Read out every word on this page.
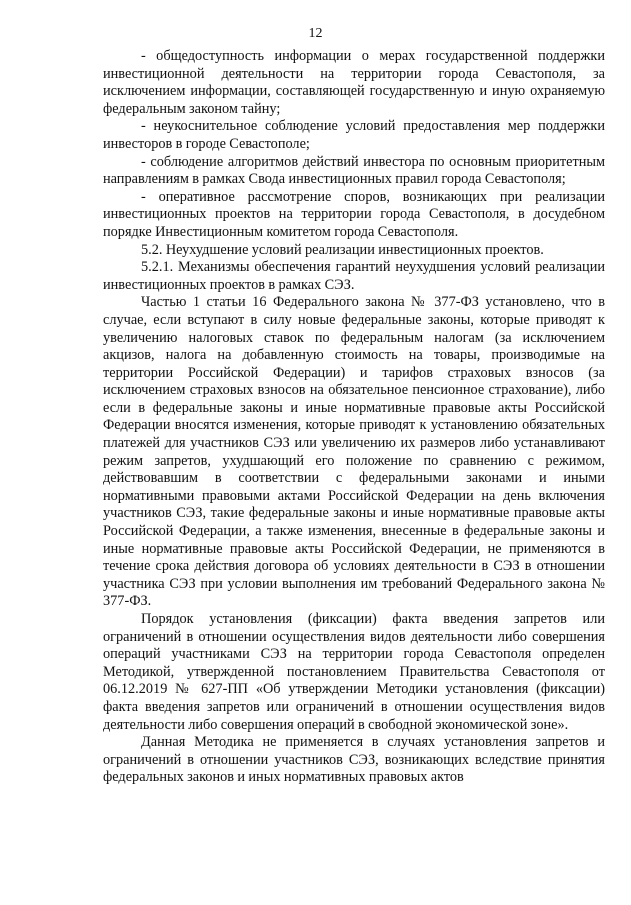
12

- общедоступность информации о мерах государственной поддержки инвестиционной деятельности на территории города Севастополя, за исключением информации, составляющей государственную и иную охраняемую федеральным законом тайну;

- неукоснительное соблюдение условий предоставления мер поддержки инвесторов в городе Севастополе;

- соблюдение алгоритмов действий инвестора по основным приоритетным направлениям в рамках Свода инвестиционных правил города Севастополя;

- оперативное рассмотрение споров, возникающих при реализации инвестиционных проектов на территории города Севастополя, в досудебном порядке Инвестиционным комитетом города Севастополя.

5.2. Неухудшение условий реализации инвестиционных проектов.

5.2.1. Механизмы обеспечения гарантий неухудшения условий реализации инвестиционных проектов в рамках СЭЗ.

Частью 1 статьи 16 Федерального закона № 377-ФЗ установлено, что в случае, если вступают в силу новые федеральные законы, которые приводят к увеличению налоговых ставок по федеральным налогам (за исключением акцизов, налога на добавленную стоимость на товары, производимые на территории Российской Федерации) и тарифов страховых взносов (за исключением страховых взносов на обязательное пенсионное страхование), либо если в федеральные законы и иные нормативные правовые акты Российской Федерации вносятся изменения, которые приводят к установлению обязательных платежей для участников СЭЗ или увеличению их размеров либо устанавливают режим запретов, ухудшающий его положение по сравнению с режимом, действовавшим в соответствии с федеральными законами и иными нормативными правовыми актами Российской Федерации на день включения участников СЭЗ, такие федеральные законы и иные нормативные правовые акты Российской Федерации, а также изменения, внесенные в федеральные законы и иные нормативные правовые акты Российской Федерации, не применяются в течение срока действия договора об условиях деятельности в СЭЗ в отношении участника СЭЗ при условии выполнения им требований Федерального закона № 377-ФЗ.

Порядок установления (фиксации) факта введения запретов или ограничений в отношении осуществления видов деятельности либо совершения операций участниками СЭЗ на территории города Севастополя определен Методикой, утвержденной постановлением Правительства Севастополя от 06.12.2019 № 627-ПП «Об утверждении Методики установления (фиксации) факта введения запретов или ограничений в отношении осуществления видов деятельности либо совершения операций в свободной экономической зоне».

Данная Методика не применяется в случаях установления запретов и ограничений в отношении участников СЭЗ, возникающих вследствие принятия федеральных законов и иных нормативных правовых актов
